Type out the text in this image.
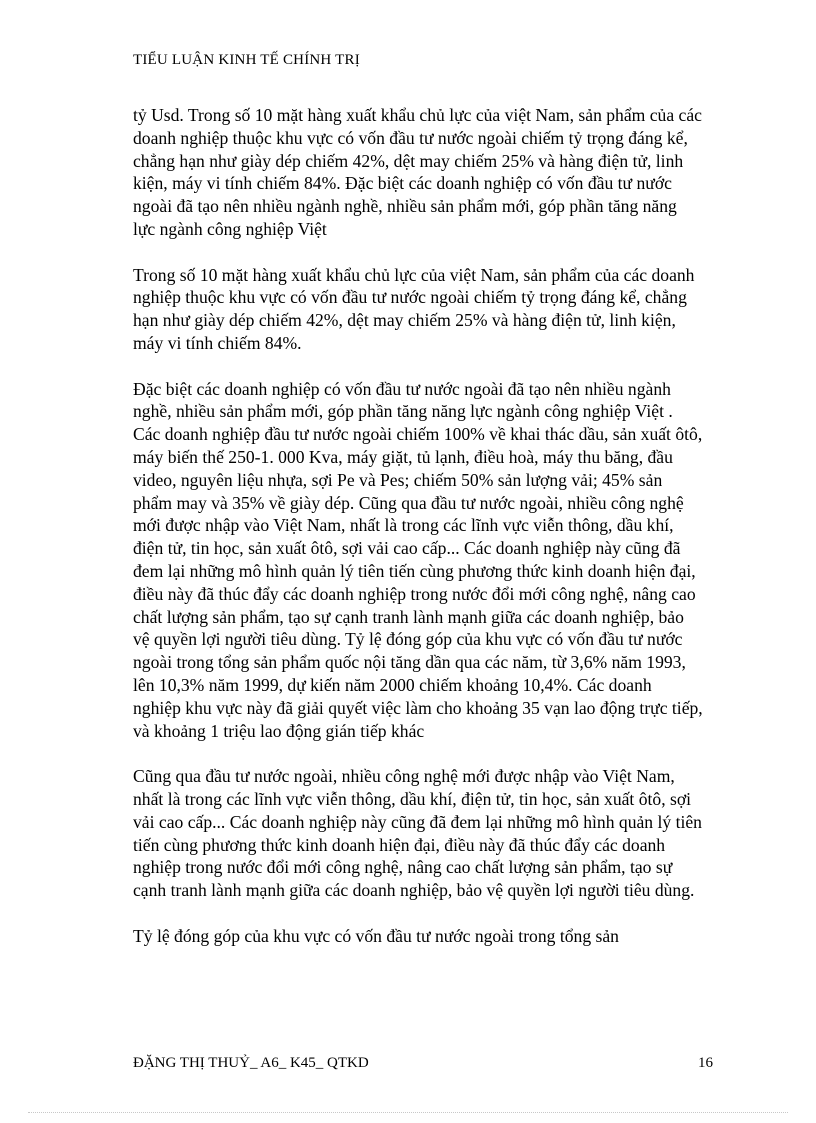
TIỂU LUẬN KINH TẾ CHÍNH TRỊ

tỷ Usd. Trong số 10 mặt hàng xuất khẩu chủ lực của việt Nam, sản phẩm của các doanh nghiệp thuộc khu vực có vốn đầu tư nước ngoài chiếm tỷ trọng đáng kể, chẳng hạn như giày dép chiếm 42%, dệt may chiếm 25% và hàng điện tử, linh kiện, máy vi tính chiếm 84%. Đặc biệt các doanh nghiệp có vốn đầu tư nước ngoài đã tạo nên nhiều ngành nghề, nhiều sản phẩm mới, góp phần tăng năng lực ngành công nghiệp Việt

Trong số 10 mặt hàng xuất khẩu chủ lực của việt Nam, sản phẩm của các doanh nghiệp thuộc khu vực có vốn đầu tư nước ngoài chiếm tỷ trọng đáng kể, chẳng hạn như giày dép chiếm 42%, dệt may chiếm 25% và hàng điện tử, linh kiện, máy vi tính chiếm 84%.

Đặc biệt các doanh nghiệp có vốn đầu tư nước ngoài đã tạo nên nhiều ngành nghề, nhiều sản phẩm mới, góp phần tăng năng lực ngành công nghiệp Việt . Các doanh nghiệp đầu tư nước ngoài chiếm 100% về khai thác dầu, sản xuất ôtô, máy biến thế 250-1. 000 Kva, máy giặt, tủ lạnh, điều hoà, máy thu băng, đầu video, nguyên liệu nhựa, sợi Pe và Pes; chiếm 50% sản lượng vải; 45% sản phẩm may và 35% về giày dép. Cũng qua đầu tư nước ngoài, nhiều công nghệ mới được nhập vào Việt Nam, nhất là trong các lĩnh vực viễn thông, dầu khí, điện tử, tin học, sản xuất ôtô, sợi vải cao cấp... Các doanh nghiệp này cũng đã đem lại những mô hình quản lý tiên tiến cùng phương thức kinh doanh hiện đại, điều này đã thúc đẩy các doanh nghiệp trong nước đổi mới công nghệ, nâng cao chất lượng sản phẩm, tạo sự cạnh tranh lành mạnh giữa các doanh nghiệp, bảo vệ quyền lợi người tiêu dùng. Tỷ lệ đóng góp của khu vực có vốn đầu tư nước ngoài trong tổng sản phẩm quốc nội tăng dần qua các năm, từ 3,6% năm 1993, lên 10,3% năm 1999, dự kiến năm 2000 chiếm khoảng 10,4%. Các doanh nghiệp khu vực này đã giải quyết việc làm cho khoảng 35 vạn lao động trực tiếp, và khoảng 1 triệu lao động gián tiếp khác

Cũng qua đầu tư nước ngoài, nhiều công nghệ mới được nhập vào Việt Nam, nhất là trong các lĩnh vực viễn thông, dầu khí, điện tử, tin học, sản xuất ôtô, sợi vải cao cấp... Các doanh nghiệp này cũng đã đem lại những mô hình quản lý tiên tiến cùng phương thức kinh doanh hiện đại, điều này đã thúc đẩy các doanh nghiệp trong nước đổi mới công nghệ, nâng cao chất lượng sản phẩm, tạo sự cạnh tranh lành mạnh giữa các doanh nghiệp, bảo vệ quyền lợi người tiêu dùng.

Tỷ lệ đóng góp của khu vực có vốn đầu tư nước ngoài trong tổng sản

ĐẶNG THỊ THUỶ_ A6_ K45_ QTKD	16
